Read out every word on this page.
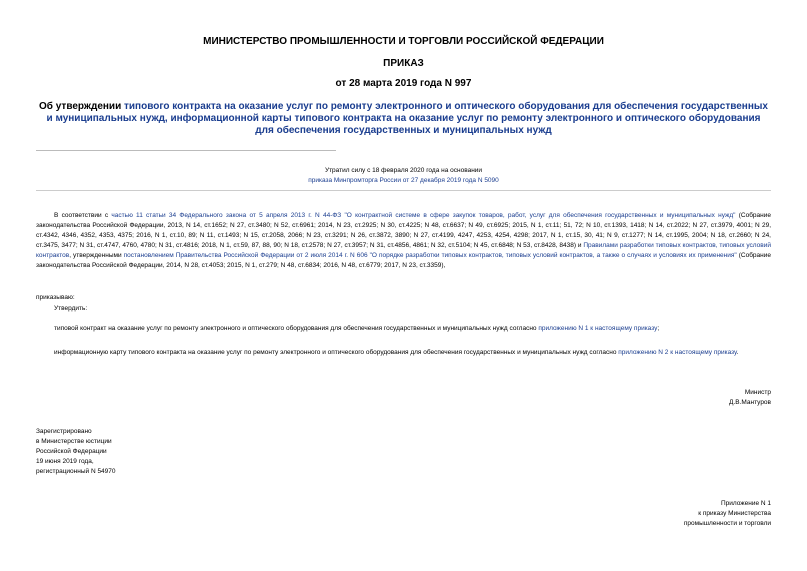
МИНИСТЕРСТВО ПРОМЫШЛЕННОСТИ И ТОРГОВЛИ РОССИЙСКОЙ ФЕДЕРАЦИИ
ПРИКАЗ
от 28 марта 2019 года N 997
Об утверждении типового контракта на оказание услуг по ремонту электронного и оптического оборудования для обеспечения государственных и муниципальных нужд, информационной карты типового контракта на оказание услуг по ремонту электронного и оптического оборудования для обеспечения государственных и муниципальных нужд
Утратил силу с 18 февраля 2020 года на основании
приказа Минпромторга России от 27 декабря 2019 года N 5090
В соответствии с частью 11 статьи 34 Федерального закона от 5 апреля 2013 г. N 44-ФЗ "О контрактной системе в сфере закупок товаров, работ, услуг для обеспечения государственных и муниципальных нужд" (Собрание законодательства Российской Федерации, 2013, N 14, ст.1652; N 27, ст.3480; N 52, ст.6961; 2014, N 23, ст.2925; N 30, ст.4225; N 48, ст.6637; N 49, ст.6925; 2015, N 1, ст.11; 51, 72; N 10, ст.1393, 1418; N 14, ст.2022; N 27, ст.3979, 4001; N 29, ст.4342, 4346, 4352, 4353, 4375; 2016, N 1, ст.10, 89; N 11, ст.1493; N 15, ст.2058, 2066; N 23, ст.3291; N 26, ст.3872, 3890; N 27, ст.4199, 4247, 4253, 4254, 4298; 2017, N 1, ст.15, 30, 41; N 9, ст.1277; N 14, ст.1995, 2004; N 18, ст.2660; N 24, ст.3475, 3477; N 31, ст.4747, 4760, 4780; N 31, ст.4816; 2018, N 1, ст.59, 87, 88, 90; N 18, ст.2578; N 27, ст.3957; N 31, ст.4856, 4861; N 32, ст.5104; N 45, ст.6848; N 53, ст.8428, 8438) и Правилами разработки типовых контрактов, типовых условий контрактов, утвержденными постановлением Правительства Российской Федерации от 2 июля 2014 г. N 606 "О порядке разработки типовых контрактов, типовых условий контрактов, а также о случаях и условиях их применения" (Собрание законодательства Российской Федерации, 2014, N 28, ст.4053; 2015, N 1, ст.279; N 48, ст.6834; 2016, N 48, ст.6779; 2017, N 23, ст.3359),
приказываю:
Утвердить:
типовой контракт на оказание услуг по ремонту электронного и оптического оборудования для обеспечения государственных и муниципальных нужд согласно приложению N 1 к настоящему приказу;
информационную карту типового контракта на оказание услуг по ремонту электронного и оптического оборудования для обеспечения государственных и муниципальных нужд согласно приложению N 2 к настоящему приказу.
Министр
Д.В.Мантуров
Зарегистрировано
в Министерстве юстиции
Российской Федерации
19 июня 2019 года,
регистрационный N 54970
Приложение N 1
к приказу Министерства
промышленности и торговли
